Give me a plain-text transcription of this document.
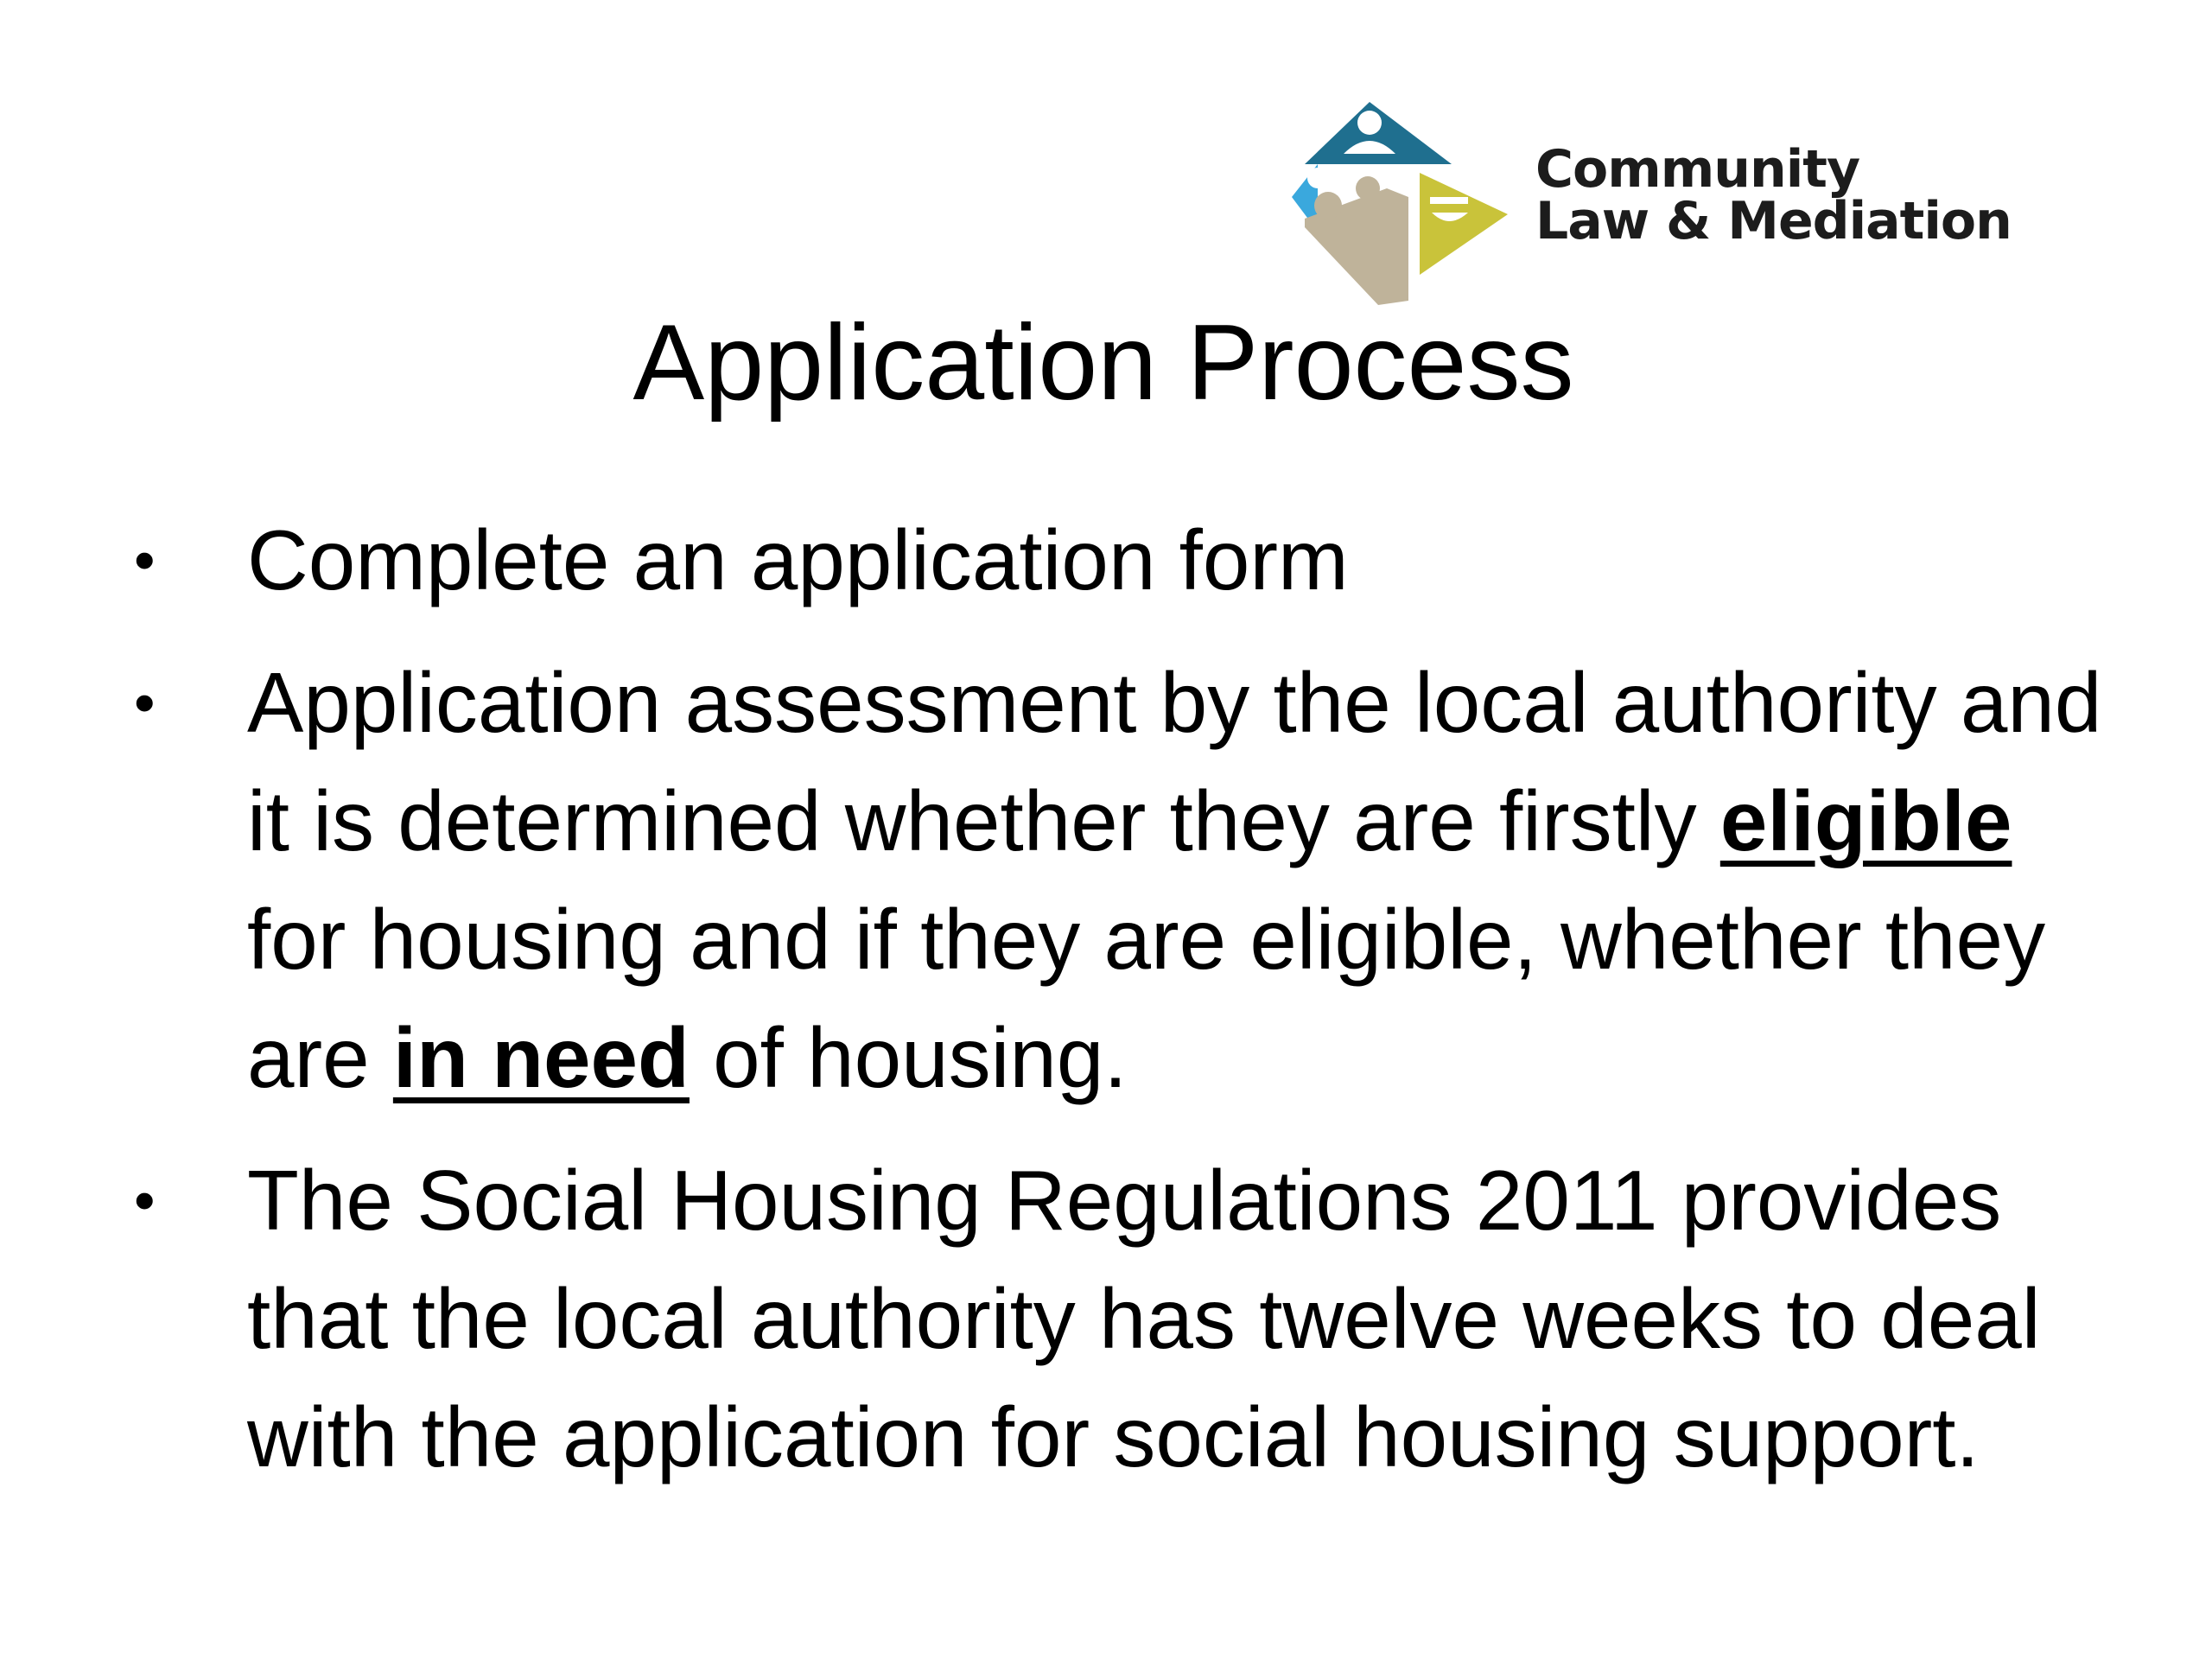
Community
Law & Mediation
Application Process
• Complete an application form
• Application assessment by the local authority and
it is determined whether they are firstly eligible
for housing and if they are eligible, whether they
are in need of housing.
• The Social Housing Regulations 2011 provides
that the local authority has twelve weeks to deal
with the application for social housing support.
